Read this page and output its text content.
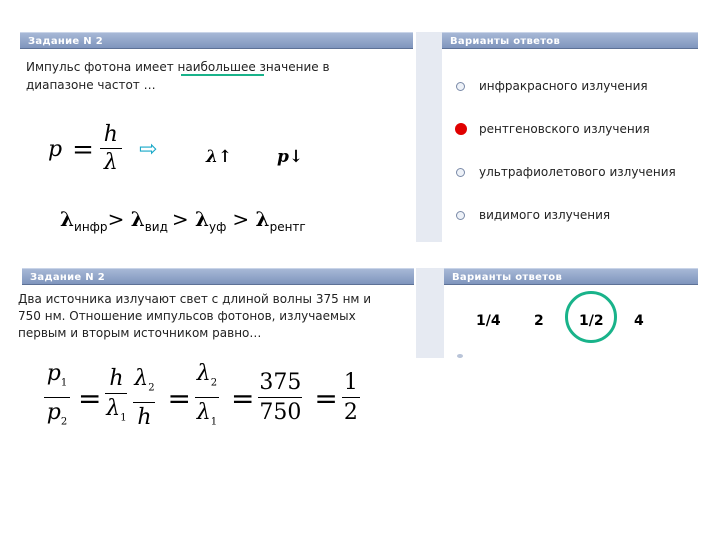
Задание N 2	Варианты ответов
Импульс фотона имеет наибольшее значение в
диапазоне частот …
$p = \frac{h}{\lambda}$ ⇨	λ↑	p↓
$\lambda_{инфр}> \lambda_{вид} > \lambda_{уф} > \lambda_{рентг}$
инфракрасного излучения
рентгеновского излучения
ультрафиолетового излучения
видимого излучения
Задание N 2	Варианты ответов
Два источника излучают свет с длиной волны 375 нм и
750 нм. Отношение импульсов фотонов, излучаемых
первым и вторым источником равно…
1/4 2	1/2 4
$\frac{p_1}{p_2} = \frac{h}{\lambda_1} \frac{\lambda_2}{h} = \frac{\lambda_2}{\lambda_1} = \frac{375}{750} = \frac{1}{2}$
